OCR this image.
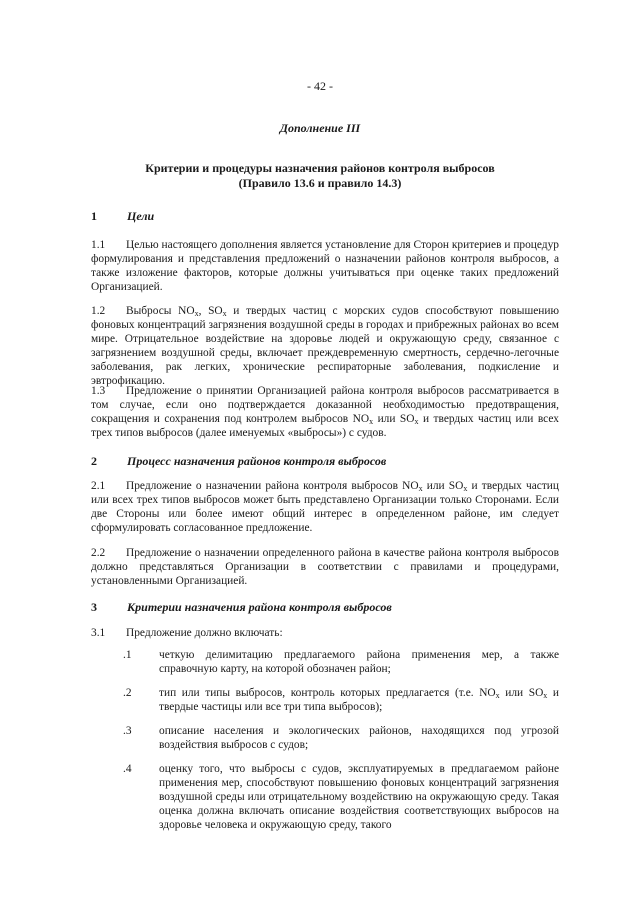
- 42 -
Дополнение III
Критерии и процедуры назначения районов контроля выбросов
(Правило 13.6 и правило 14.3)
1	Цели
1.1 Целью настоящего дополнения является установление для Сторон критериев и процедур формулирования и представления предложений о назначении районов контроля выбросов, а также изложение факторов, которые должны учитываться при оценке таких предложений Организацией.
1.2 Выбросы $NO_x$, $SO_x$ и твердых частиц с морских судов способствуют повышению фоновых концентраций загрязнения воздушной среды в городах и прибрежных районах во всем мире. Отрицательное воздействие на здоровье людей и окружающую среду, связанное с загрязнением воздушной среды, включает преждевременную смертность, сердечно-легочные заболевания, рак легких, хронические респираторные заболевания, подкисление и эвтрофикацию.
1.3 Предложение о принятии Организацией района контроля выбросов рассматривается в том случае, если оно подтверждается доказанной необходимостью предотвращения, сокращения и сохранения под контролем выбросов $NO_x$ или $SO_x$ и твердых частиц или всех трех типов выбросов (далее именуемых «выбросы») с судов.
2	Процесс назначения районов контроля выбросов
2.1 Предложение о назначении района контроля выбросов $NO_x$ или $SO_x$ и твердых частиц или всех трех типов выбросов может быть представлено Организации только Сторонами. Если две Стороны или более имеют общий интерес в определенном районе, им следует сформулировать согласованное предложение.
2.2 Предложение о назначении определенного района в качестве района контроля выбросов должно представляться Организации в соответствии с правилами и процедурами, установленными Организацией.
3	Критерии назначения района контроля выбросов
3.1 Предложение должно включать:
.1 четкую делимитацию предлагаемого района применения мер, а также справочную карту, на которой обозначен район;
.2 тип или типы выбросов, контроль которых предлагается (т.е. $NO_x$ или $SO_x$ и твердые частицы или все три типа выбросов);
.3 описание населения и экологических районов, находящихся под угрозой воздействия выбросов с судов;
.4 оценку того, что выбросы с судов, эксплуатируемых в предлагаемом районе применения мер, способствуют повышению фоновых концентраций загрязнения воздушной среды или отрицательному воздействию на окружающую среду. Такая оценка должна включать описание воздействия соответствующих выбросов на здоровье человека и окружающую среду, такого
